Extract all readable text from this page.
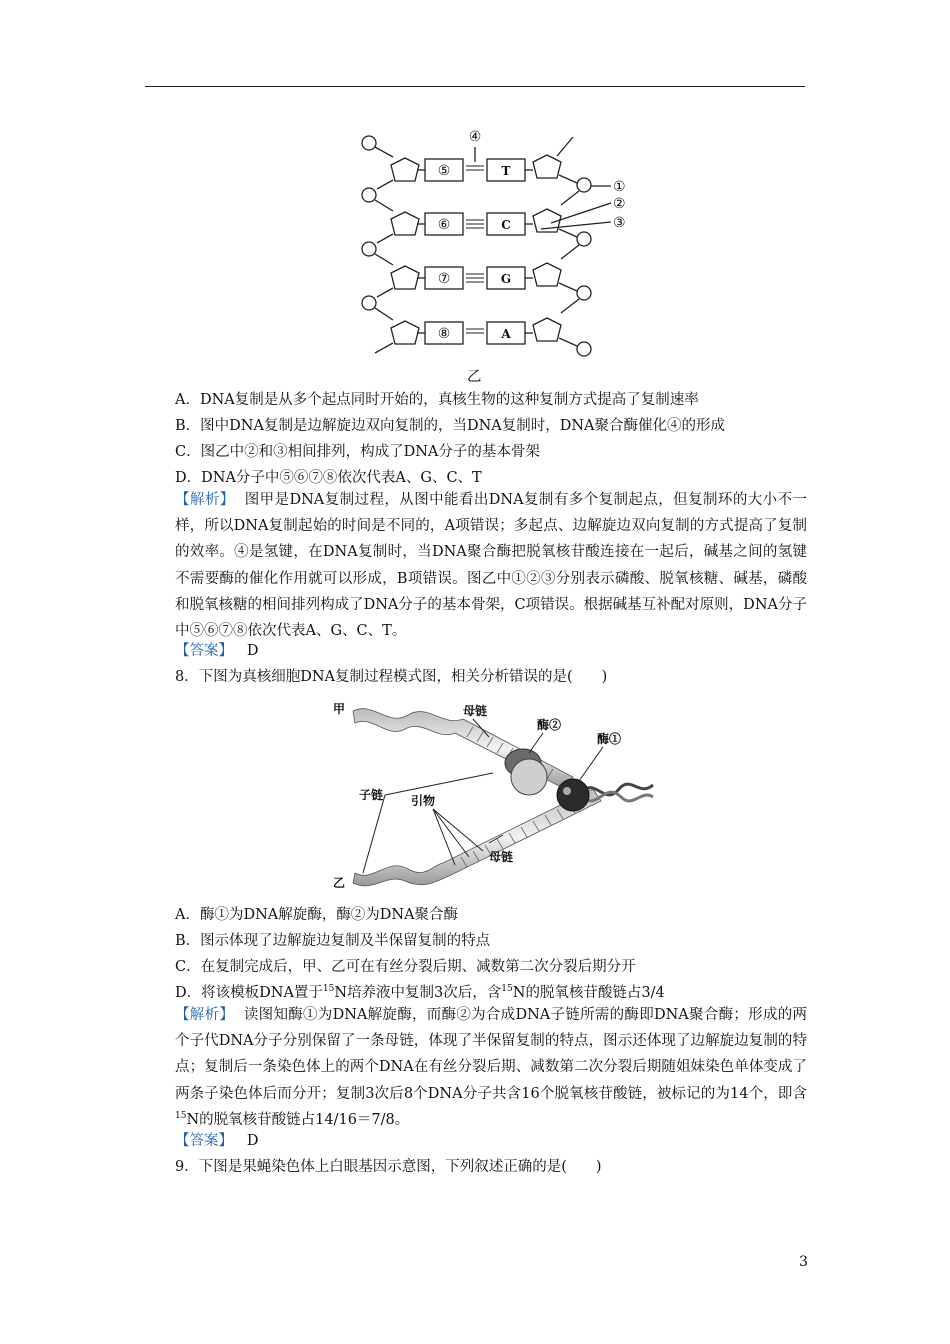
⑤
⑥
⑦
⑧
T
C
G
A
④
①
②
③
乙
A．DNA复制是从多个起点同时开始的，真核生物的这种复制方式提高了复制速率
B．图中DNA复制是边解旋边双向复制的，当DNA复制时，DNA聚合酶催化④的形成
C．图乙中②和③相间排列，构成了DNA分子的基本骨架
D．DNA分子中⑤⑥⑦⑧依次代表A、G、C、T
【解析】 图甲是DNA复制过程，从图中能看出DNA复制有多个复制起点，但复制环的大小不一样，所以DNA复制起始的时间是不同的，A项错误；多起点、边解旋边双向复制的方式提高了复制的效率。④是氢键，在DNA复制时，当DNA聚合酶把脱氧核苷酸连接在一起后，碱基之间的氢键不需要酶的催化作用就可以形成，B项错误。图乙中①②③分别表示磷酸、脱氧核糖、碱基，磷酸和脱氧核糖的相间排列构成了DNA分子的基本骨架，C项错误。根据碱基互补配对原则，DNA分子中⑤⑥⑦⑧依次代表A、G、C、T。
【答案】 D
8．下图为真核细胞DNA复制过程模式图，相关分析错误的是(　　)
甲
乙
母链
酶②
酶①
子链 引物
母链
A．酶①为DNA解旋酶，酶②为DNA聚合酶
B．图示体现了边解旋边复制及半保留复制的特点
C．在复制完成后，甲、乙可在有丝分裂后期、减数第二次分裂后期分开
D．将该模板DNA置于$^{15}$N培养液中复制3次后，含$^{15}$N的脱氧核苷酸链占3/4
【解析】 读图知酶①为DNA解旋酶，而酶②为合成DNA子链所需的酶即DNA聚合酶；形成的两个子代DNA分子分别保留了一条母链，体现了半保留复制的特点，图示还体现了边解旋边复制的特点；复制后一条染色体上的两个DNA在有丝分裂后期、减数第二次分裂后期随姐妹染色单体变成了两条子染色体后而分开；复制3次后8个DNA分子共含16个脱氧核苷酸链，被标记的为14个，即含$^{15}$N的脱氧核苷酸链占14/16＝7/8。
【答案】 D
9．下图是果蝇染色体上白眼基因示意图，下列叙述正确的是(　　)
3
